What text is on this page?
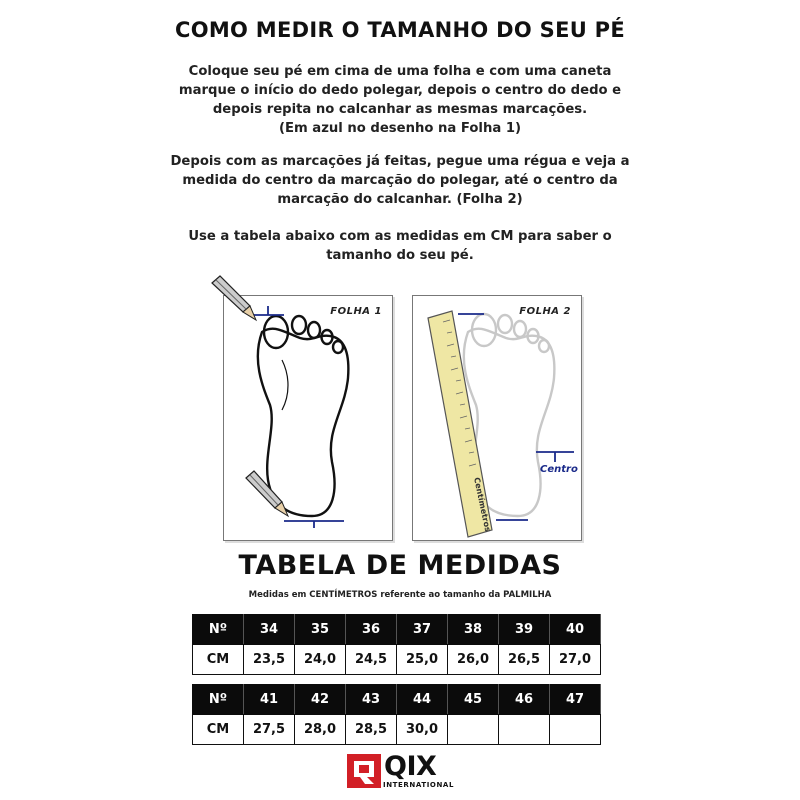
COMO MEDIR O TAMANHO DO SEU PÉ
Coloque seu pé em cima de uma folha e com uma caneta
marque o início do dedo polegar, depois o centro do dedo e
depois repita no calcanhar as mesmas marcações.
(Em azul no desenho na Folha 1)
Depois com as marcações já feitas, pegue uma régua e veja a
medida do centro da marcação do polegar, até o centro da
marcação do calcanhar. (Folha 2)
Use a tabela abaixo com as medidas em CM para saber o
tamanho do seu pé.
FOLHA 1	FOLHA 2
Centímetros
Centro
TABELA DE MEDIDAS
Medidas em CENTÍMETROS referente ao tamanho da PALMILHA
Nº	34	35	36	37	38	39	40
CM	23,5	24,0	24,5	25,0	26,0	26,5	27,0
Nº	41	42	43	44	45	46	47
CM	27,5	28,0	28,5	30,0			
QIX
INTERNATIONAL
